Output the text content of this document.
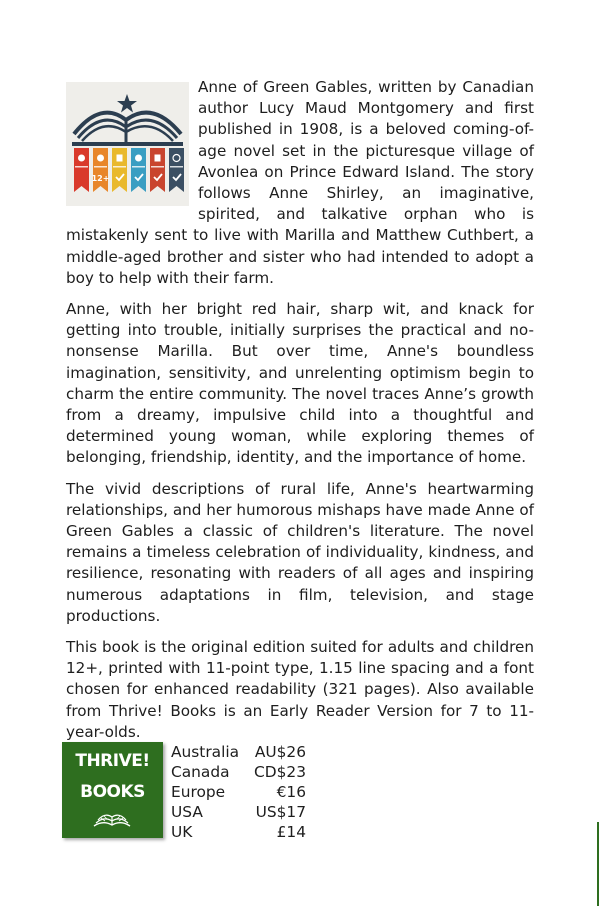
12+

Anne of Green Gables, written by Canadian author Lucy Maud Montgomery and first published in 1908, is a beloved coming-of-age novel set in the picturesque village of Avonlea on Prince Edward Island. The story follows Anne Shirley, an imaginative, spirited, and talkative orphan who is mistakenly sent to live with Marilla and Matthew Cuthbert, a middle-aged brother and sister who had intended to adopt a boy to help with their farm.

Anne, with her bright red hair, sharp wit, and knack for getting into trouble, initially surprises the practical and no-nonsense Marilla. But over time, Anne's boundless imagination, sensitivity, and unrelenting optimism begin to charm the entire community. The novel traces Anne’s growth from a dreamy, impulsive child into a thoughtful and determined young woman, while exploring themes of belonging, friendship, identity, and the importance of home.

The vivid descriptions of rural life, Anne's heartwarming relationships, and her humorous mishaps have made Anne of Green Gables a classic of children's literature. The novel remains a timeless celebration of individuality, kindness, and resilience, resonating with readers of all ages and inspiring numerous adaptations in film, television, and stage productions.

This book is the original edition suited for adults and children 12+, printed with 11-point type, 1.15 line spacing and a font chosen for enhanced readability (321 pages). Also available from Thrive! Books is an Early Reader Version for 7 to 11-year-olds.

THRIVE!
BOOKS
Australia AU$26
Canada CD$23
Europe	€16
USA	US$17
UK	£14
